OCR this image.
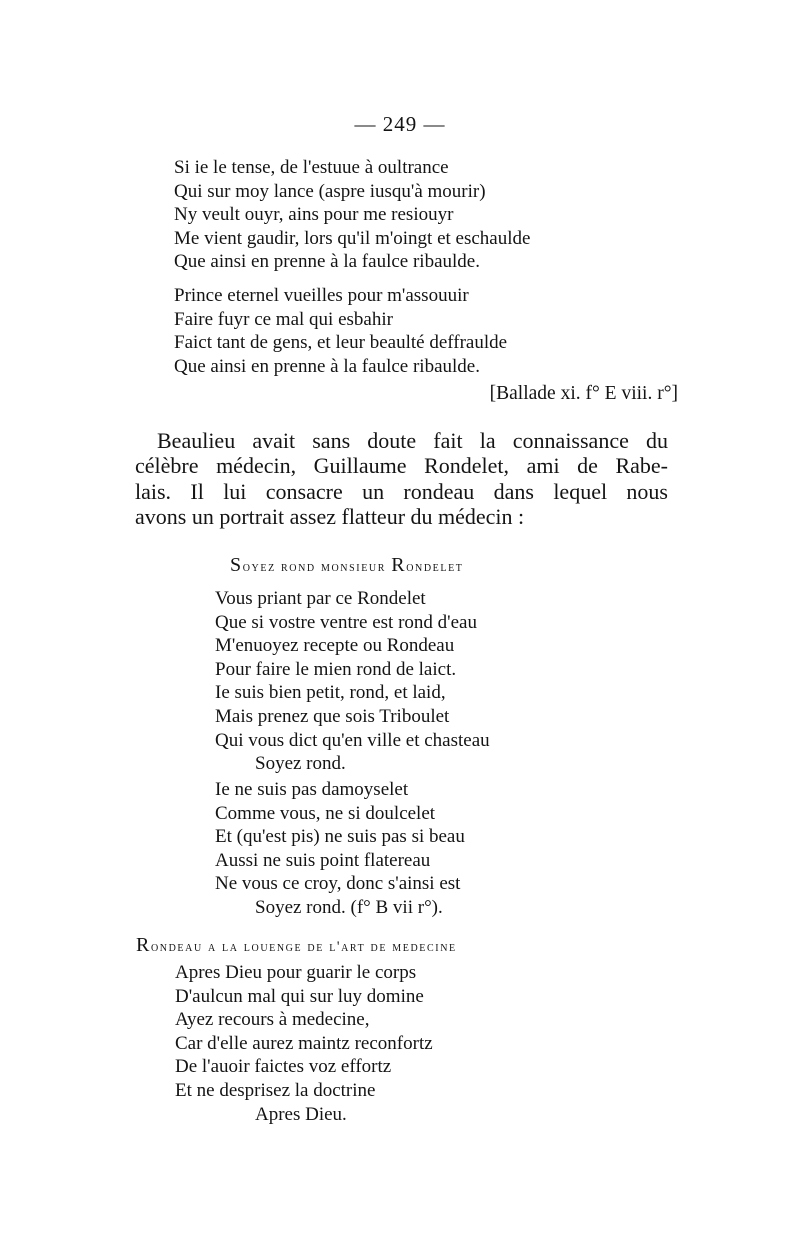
— 249 —
Si ie le tense, de l'estuue à oultrance
Qui sur moy lance (aspre iusqu'à mourir)
Ny veult ouyr, ains pour me resiouyr
Me vient gaudir, lors qu'il m'oingt et eschaulde
Que ainsi en prenne à la faulce ribaulde.
Prince eternel vueilles pour m'assouuir
Faire fuyr ce mal qui esbahir
Faict tant de gens, et leur beaulté deffraulde
Que ainsi en prenne à la faulce ribaulde.
[Ballade xi. f° E viii. r°]
Beaulieu avait sans doute fait la connaissance du
célèbre médecin, Guillaume Rondelet, ami de Rabe-
lais. Il lui consacre un rondeau dans lequel nous
avons un portrait assez flatteur du médecin :
Soyez rond monsieur Rondelet
Vous priant par ce Rondelet
Que si vostre ventre est rond d'eau
M'enuoyez recepte ou Rondeau
Pour faire le mien rond de laict.
Ie suis bien petit, rond, et laid,
Mais prenez que sois Triboulet
Qui vous dict qu'en ville et chasteau
Soyez rond.
Ie ne suis pas damoyselet
Comme vous, ne si doulcelet
Et (qu'est pis) ne suis pas si beau
Aussi ne suis point flatereau
Ne vous ce croy, donc s'ainsi est
Soyez rond. (f° B vii r°).
Rondeau a la louenge de l'art de medecine
Apres Dieu pour guarir le corps
D'aulcun mal qui sur luy domine
Ayez recours à medecine,
Car d'elle aurez maintz reconfortz
De l'auoir faictes voz effortz
Et ne desprisez la doctrine
Apres Dieu.
